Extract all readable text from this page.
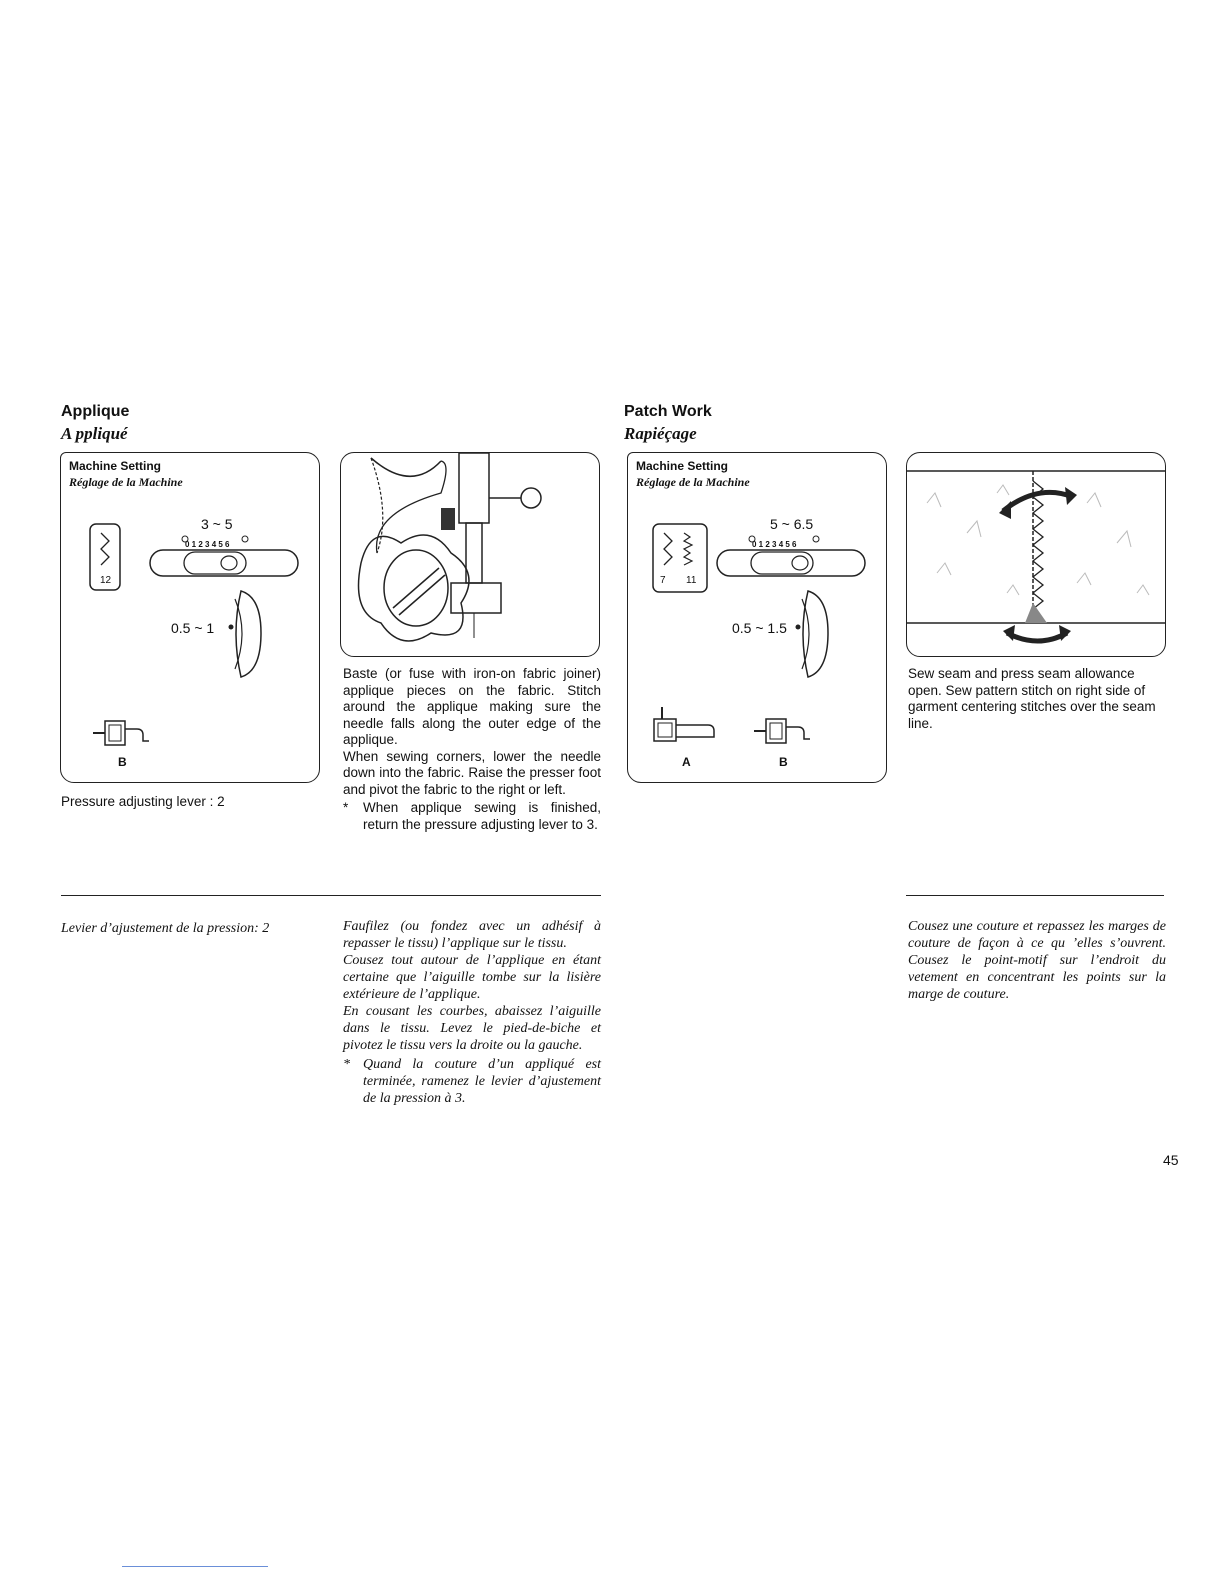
Applique
A ppliqué
Machine Setting
Réglage de la Machine
12
3 ~ 5
0 1 2 3 4 5 6
0.5 ~ 1
B
Pressure adjusting lever : 2

Baste (or fuse with iron-on fabric joiner) applique pieces on the fabric. Stitch around the applique making sure the needle falls along the outer edge of the applique.

When sewing corners, lower the needle down into the fabric. Raise the presser foot and pivot the fabric to the right or left.

*	When applique sewing is finished, return the pressure adjusting lever to 3.

Levier d’ajustement de la pression: 2	Faufilez (ou fondez avec un adhésif à repasser le tissu) l’applique sur le tissu.

Cousez tout autour de l’applique en étant certaine que l’aiguille tombe sur la lisière extérieure de l’applique.

En cousant les courbes, abaissez l’aiguille dans le tissu. Levez le pied-de-biche et pivotez le tissu vers la droite ou la gauche.

* Quand la couture d’un appliqué est terminée, ramenez le levier d’ajustement de la pression à 3.

Patch Work
Rapiéçage
Machine Setting
Réglage de la Machine
7 11
5 ~ 6.5
0 1 2 3 4 5 6
0.5 ~ 1.5
A	B
Sew seam and press seam allowance open. Sew pattern stitch on right side of garment centering stitches over the seam line.
Cousez une couture et repassez les marges de couture de façon à ce qu ’elles s’ouvrent. Cousez le point-motif sur l’endroit du vetement en concentrant les points sur la marge de couture.
45
